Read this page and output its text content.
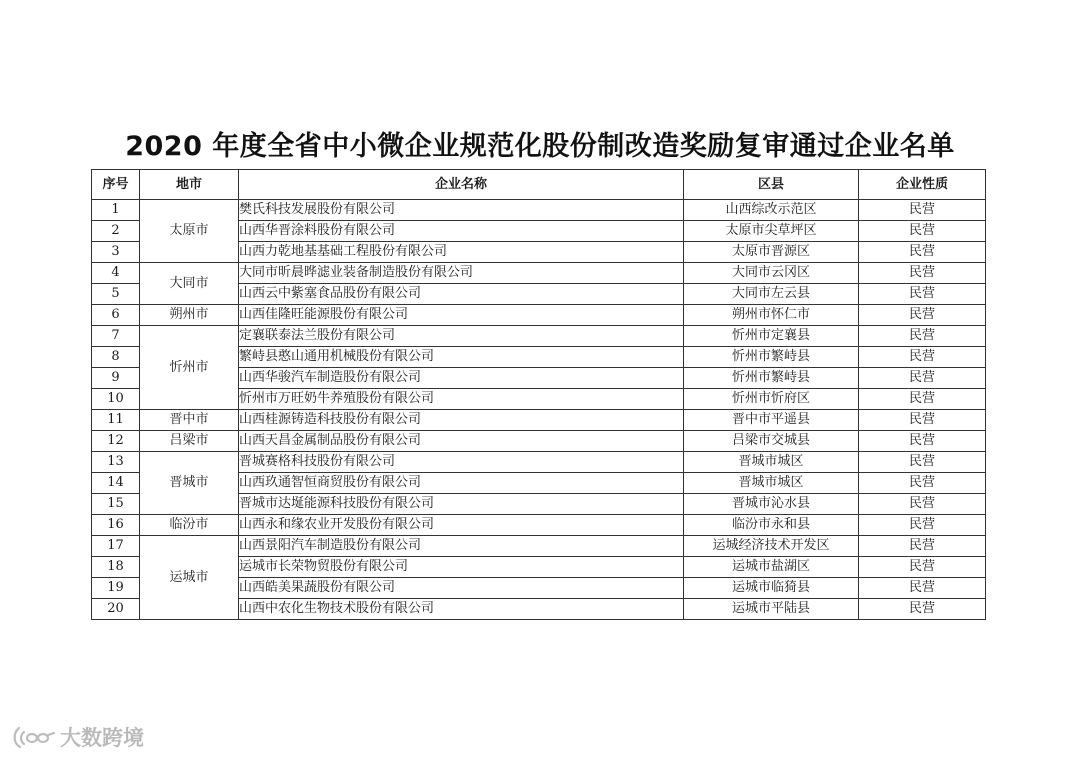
2020 年度全省中小微企业规范化股份制改造奖励复审通过企业名单
序号	地市	企业名称	区县	企业性质
1	太原市	樊氏科技发展股份有限公司	山西综改示范区	民营
2		山西华晋涂料股份有限公司	太原市尖草坪区	民营
3		山西力乾地基基础工程股份有限公司	太原市晋源区	民营
4	大同市	大同市昕晨晔滤业装备制造股份有限公司	大同市云冈区	民营
5		山西云中紫塞食品股份有限公司	大同市左云县	民营
6	朔州市	山西佳隆旺能源股份有限公司	朔州市怀仁市	民营
7	忻州市	定襄联泰法兰股份有限公司	忻州市定襄县	民营
8		繁峙县憨山通用机械股份有限公司	忻州市繁峙县	民营
9		山西华骏汽车制造股份有限公司	忻州市繁峙县	民营
10		忻州市万旺奶牛养殖股份有限公司	忻州市忻府区	民营
11	晋中市	山西桂源铸造科技股份有限公司	晋中市平遥县	民营
12	吕梁市	山西天昌金属制品股份有限公司	吕梁市交城县	民营
13	晋城市	晋城赛格科技股份有限公司	晋城市城区	民营
14		山西玖通智恒商贸股份有限公司	晋城市城区	民营
15		晋城市达埏能源科技股份有限公司	晋城市沁水县	民营
16	临汾市	山西永和缘农业开发股份有限公司	临汾市永和县	民营
17	运城市	山西景阳汽车制造股份有限公司	运城经济技术开发区	民营
18		运城市长荣物贸股份有限公司	运城市盐湖区	民营
19		山西皓美果蔬股份有限公司	运城市临猗县	民营
20		山西中农化生物技术股份有限公司	运城市平陆县	民营
大数跨境
